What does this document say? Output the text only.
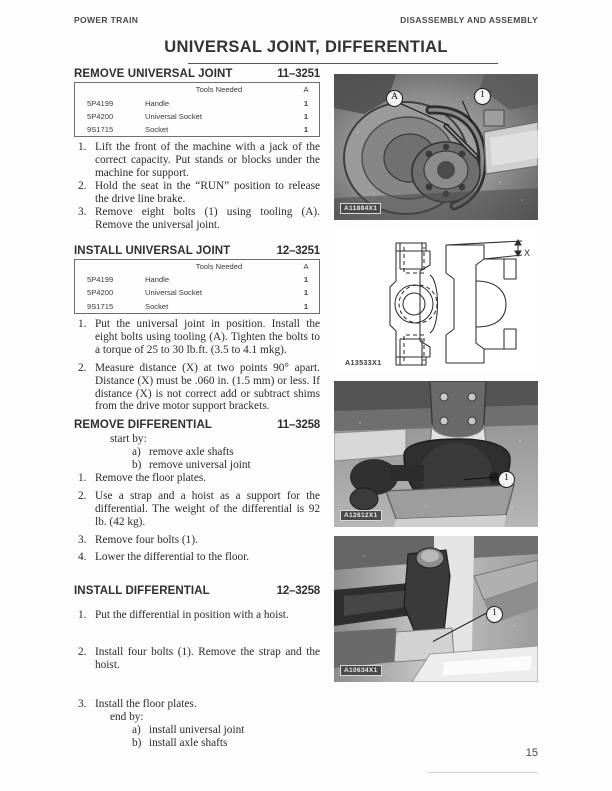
POWER TRAIN	DISASSEMBLY AND ASSEMBLY
UNIVERSAL JOINT, DIFFERENTIAL
REMOVE UNIVERSAL JOINT	11–3251
	Tools Needed	A
5P4199	Handle	1
5P4200	Universal Socket	1
9S1715	Socket	1
1. Lift the front of the machine with a jack of the correct capacity. Put stands or blocks under the machine for support.
2. Hold the seat in the “RUN” position to release the drive line brake.
3. Remove eight bolts (1) using tooling (A). Remove the universal joint.
INSTALL UNIVERSAL JOINT	12–3251
	Tools Needed	A
5P4199	Handle	1
5P4200	Universal Socket	1
9S1715	Socket	1
1. Put the universal joint in position. Install the eight bolts using tooling (A). Tighten the bolts to a torque of 25 to 30 lb.ft. (3.5 to 4.1 mkg).
2. Measure distance (X) at two points 90° apart. Distance (X) must be .060 in. (1.5 mm) or less. If distance (X) is not correct add or subtract shims from the drive motor support brackets.
REMOVE DIFFERENTIAL	11–3258

start by:

a) remove axle shafts
b) remove universal joint
1. Remove the floor plates.
2. Use a strap and a hoist as a support for the differential. The weight of the differential is 92 lb. (42 kg).
3. Remove four bolts (1).
4. Lower the differential to the floor.
INSTALL DIFFERENTIAL	12–3258
1. Put the differential in position with a hoist.
2. Install four bolts (1). Remove the strap and the hoist.
3. Install the floor plates.

end by:

a) install universal joint
b) install axle shafts
A	1
A11884X1
X
A13533X1
1
A12612X1
1
A10634X1
15
